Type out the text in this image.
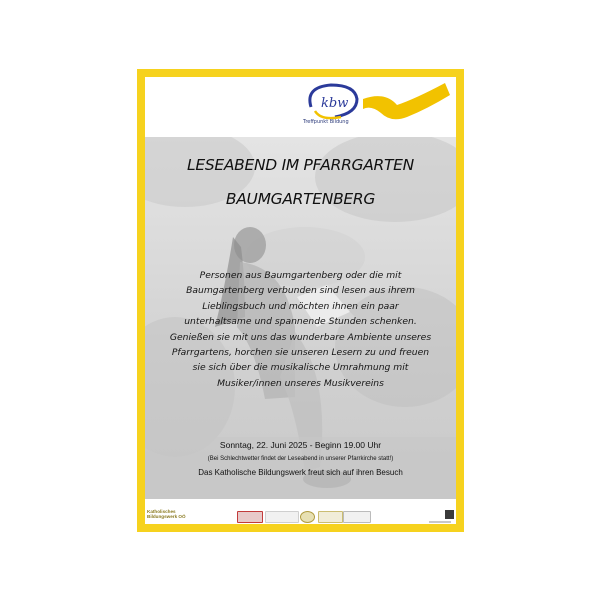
kbw
Treffpunkt Bildung
LESEABEND IM PFARRGARTEN
BAUMGARTENBERG
Personen aus Baumgartenberg oder die mit
Baumgartenberg verbunden sind lesen aus ihrem
Lieblingsbuch und möchten ihnen ein paar
unterhaltsame und spannende Stunden schenken.
Genießen sie mit uns das wunderbare Ambiente unseres
Pfarrgartens, horchen sie unseren Lesern zu und freuen
sie sich über die musikalische Umrahmung mit
Musiker/innen unseres Musikvereins
Sonntag, 22. Juni 2025 - Beginn 19.00 Uhr
(Bei Schlechtwetter findet der Leseabend in unserer Pfarrkirche statt!)
Das Katholische Bildungswerk freut sich auf ihren Besuch
Katholisches
Bildungswerk OÖ
